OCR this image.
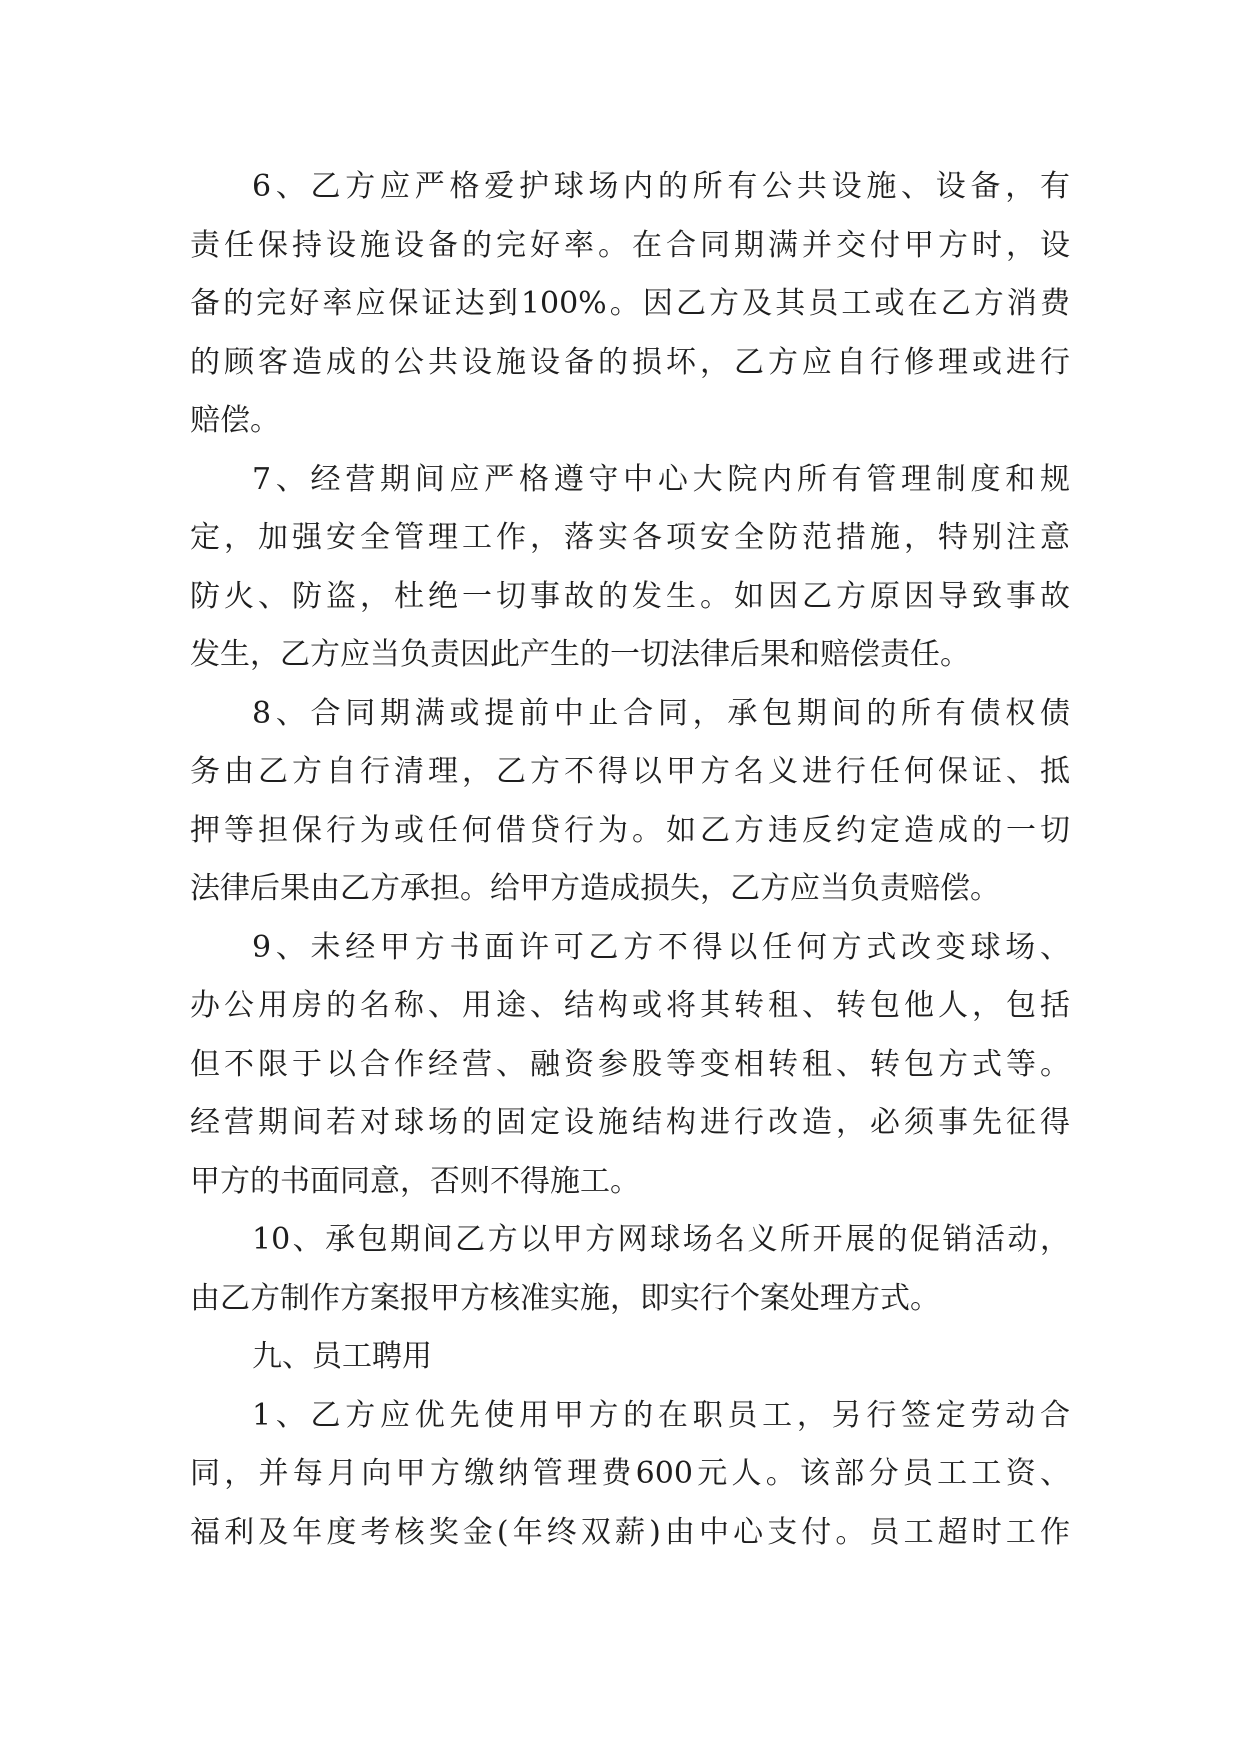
6、乙方应严格爱护球场内的所有公共设施、设备，有
责任保持设施设备的完好率。在合同期满并交付甲方时，设
备的完好率应保证达到100%。因乙方及其员工或在乙方消费
的顾客造成的公共设施设备的损坏，乙方应自行修理或进行
赔偿。
7、经营期间应严格遵守中心大院内所有管理制度和规
定，加强安全管理工作，落实各项安全防范措施，特别注意
防火、防盗，杜绝一切事故的发生。如因乙方原因导致事故
发生，乙方应当负责因此产生的一切法律后果和赔偿责任。
8、合同期满或提前中止合同，承包期间的所有债权债
务由乙方自行清理，乙方不得以甲方名义进行任何保证、抵
押等担保行为或任何借贷行为。如乙方违反约定造成的一切
法律后果由乙方承担。给甲方造成损失，乙方应当负责赔偿。
9、未经甲方书面许可乙方不得以任何方式改变球场、
办公用房的名称、用途、结构或将其转租、转包他人，包括
但不限于以合作经营、融资参股等变相转租、转包方式等。
经营期间若对球场的固定设施结构进行改造，必须事先征得
甲方的书面同意，否则不得施工。
10、承包期间乙方以甲方网球场名义所开展的促销活动，
由乙方制作方案报甲方核准实施，即实行个案处理方式。
九、员工聘用
1、乙方应优先使用甲方的在职员工，另行签定劳动合
同，并每月向甲方缴纳管理费600元人。该部分员工工资、
福利及年度考核奖金(年终双薪)由中心支付。员工超时工作
